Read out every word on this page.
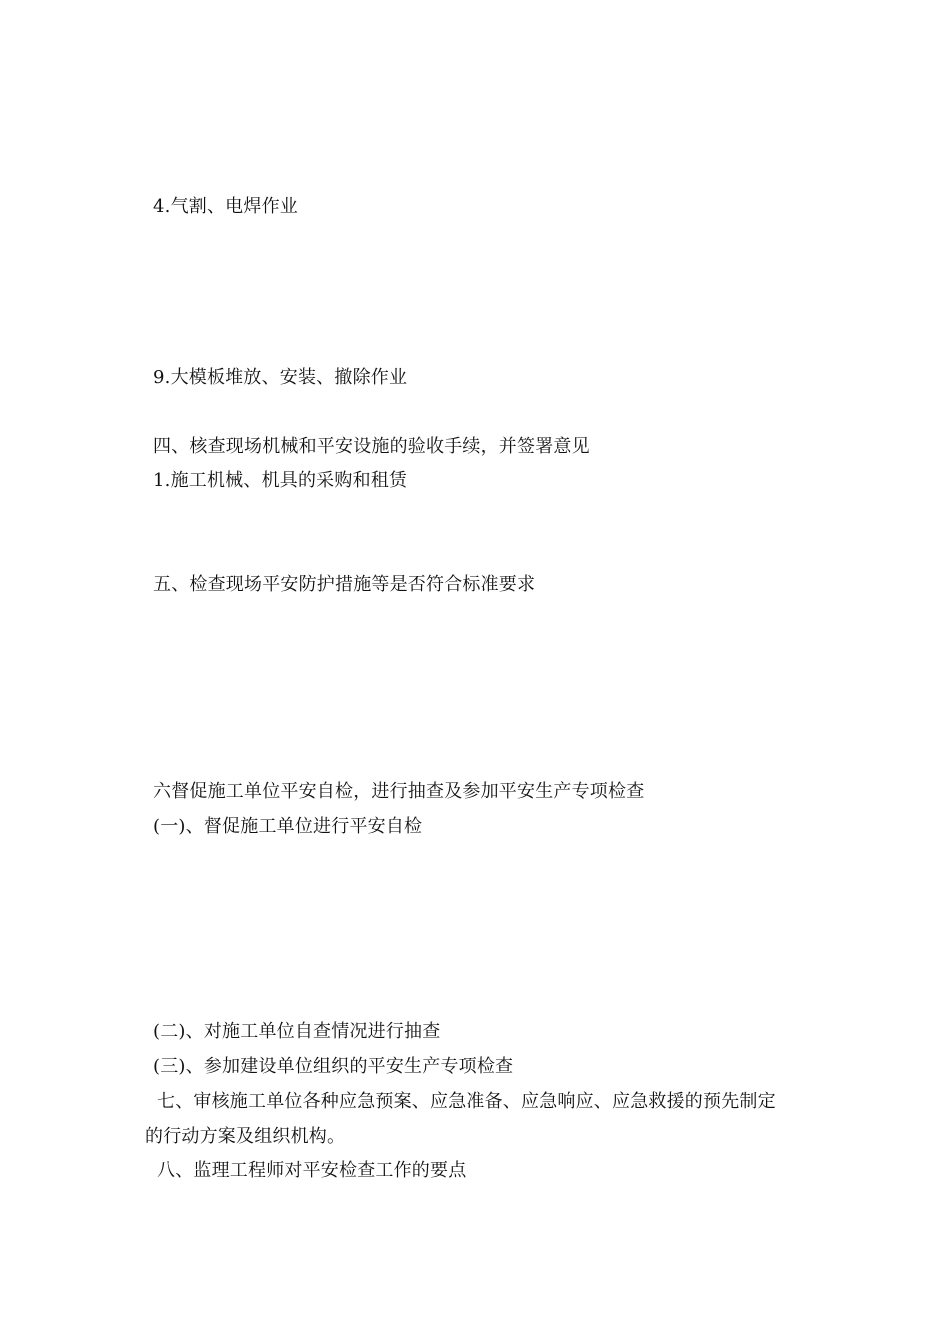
4.气割、电焊作业
9.大模板堆放、安装、撤除作业
四、核查现场机械和平安设施的验收手续，并签署意见
1.施工机械、机具的采购和租赁
五、检查现场平安防护措施等是否符合标准要求
六督促施工单位平安自检，进行抽查及参加平安生产专项检查
(一)、督促施工单位进行平安自检
(二)、对施工单位自查情况进行抽查
(三)、参加建设单位组织的平安生产专项检查
七、审核施工单位各种应急预案、应急准备、应急响应、应急救援的预先制定
的行动方案及组织机构。
八、监理工程师对平安检查工作的要点
